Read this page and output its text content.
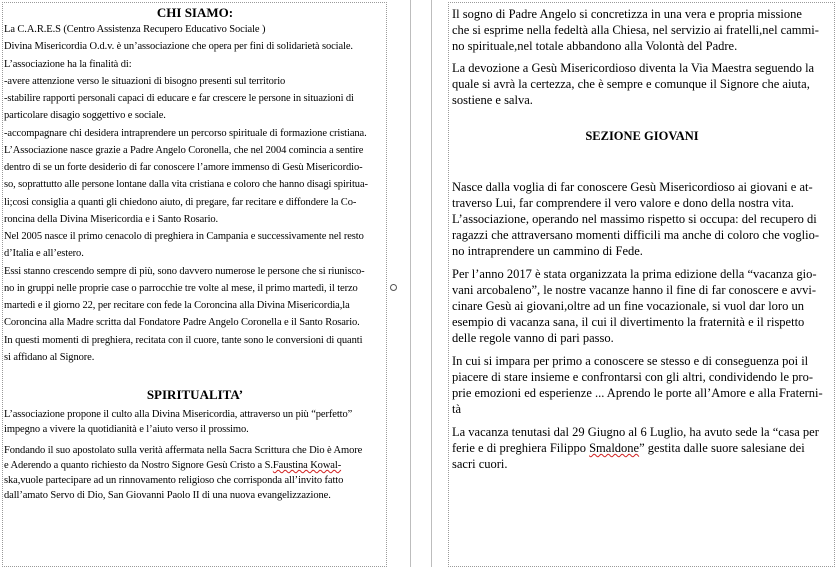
CHI SIAMO:
La C.A.R.E.S (Centro Assistenza Recupero Educativo Sociale )
Divina Misericordia O.d.v. è un’associazione che opera per fini di solidarietà sociale.
L’associazione ha la finalità di:
-avere attenzione verso le situazioni di bisogno presenti sul territorio
-stabilire rapporti personali capaci di educare e far crescere le persone in situazioni di
particolare disagio soggettivo e sociale.
-accompagnare chi desidera intraprendere un percorso spirituale di formazione cristiana.
L’Associazione nasce grazie a Padre Angelo Coronella, che nel 2004 comincia a sentire
dentro di se un forte desiderio di far conoscere l’amore immenso di Gesù Misericordio-
so, soprattutto alle persone lontane dalla vita cristiana e coloro che hanno disagi spiritua-
li;cosi consiglia a quanti gli chiedono aiuto, di pregare, far recitare e diffondere la Co-
roncina della Divina Misericordia e i Santo Rosario.
Nel 2005 nasce il primo cenacolo di preghiera in Campania e successivamente nel resto
d’Italia e all’estero.
Essi stanno crescendo sempre di più, sono davvero numerose le persone che si riunisco-
no in gruppi nelle proprie case o parrocchie tre volte al mese, il primo martedì, il terzo
martedì e il giorno 22, per recitare con fede la Coroncina alla Divina Misericordia,la
Coroncina alla Madre scritta dal Fondatore Padre Angelo Coronella e il Santo Rosario.
In questi momenti di preghiera, recitata con il cuore, tante sono le conversioni di quanti
si affidano al Signore.
SPIRITUALITA’
L’associazione propone il culto alla Divina Misericordia, attraverso un più “perfetto”
impegno a vivere la quotidianità e l’aiuto verso il prossimo.
Fondando il suo apostolato sulla verità affermata nella Sacra Scrittura che Dio è Amore
e Aderendo a quanto richiesto da Nostro Signore Gesù Cristo a S.Faustina Kowal-
ska,vuole partecipare ad un rinnovamento religioso che corrisponda all’invito fatto
dall’amato Servo di Dio, San Giovanni Paolo II di una nuova evangelizzazione.
Il sogno di Padre Angelo si concretizza in una vera e propria missione
che si esprime nella fedeltà alla Chiesa, nel servizio ai fratelli,nel cammi-
no spirituale,nel totale abbandono alla Volontà del Padre.
La devozione a Gesù Misericordioso diventa la Via Maestra seguendo la
quale si avrà la certezza, che è sempre e comunque il Signore che aiuta,
sostiene e salva.
SEZIONE GIOVANI
Nasce dalla voglia di far conoscere Gesù Misericordioso ai giovani e at-
traverso Lui, far comprendere il vero valore e dono della nostra vita.
L’associazione, operando nel massimo rispetto si occupa: del recupero di
ragazzi che attraversano momenti difficili ma anche di coloro che voglio-
no intraprendere un cammino di Fede.
Per l’anno 2017 è stata organizzata la prima edizione della “vacanza gio-
vani arcobaleno”, le nostre vacanze hanno il fine di far conoscere e avvi-
cinare Gesù ai giovani,oltre ad un fine vocazionale, si vuol dar loro un
esempio di vacanza sana, il cui il divertimento la fraternità e il rispetto
delle regole vanno di pari passo.
In cui si impara per primo a conoscere se stesso e di conseguenza poi il
piacere di stare insieme e confrontarsi con gli altri, condividendo le pro-
prie emozioni ed esperienze ... Aprendo le porte all’Amore e alla Fraterni-
tà
La vacanza tenutasi dal 29 Giugno al 6 Luglio, ha avuto sede la “casa per
ferie e di preghiera Filippo Smaldone” gestita dalle suore salesiane dei
sacri cuori.
